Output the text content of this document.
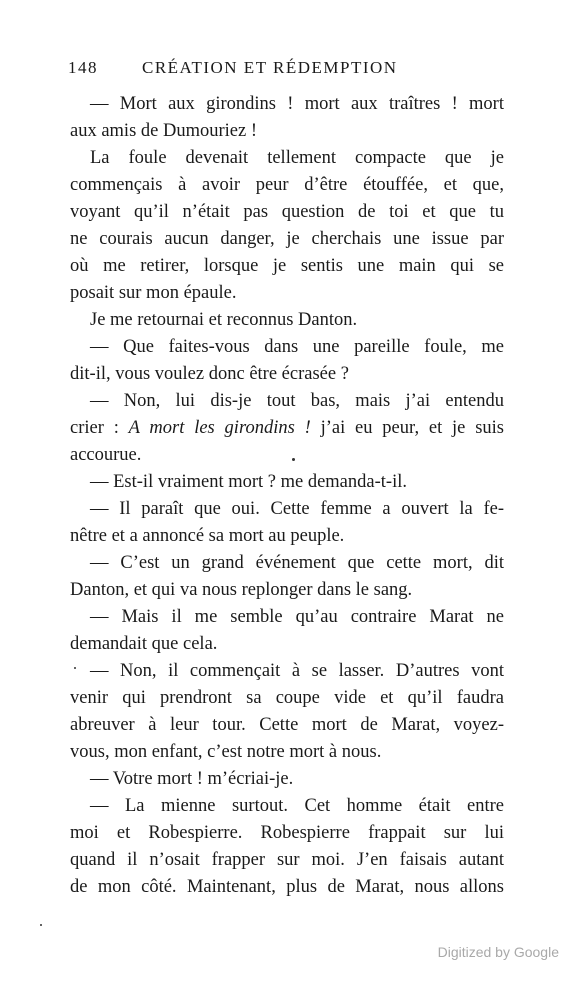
148	CRÉATION ET RÉDEMPTION
— Mort aux girondins ! mort aux traîtres ! mort
aux amis de Dumouriez !
La foule devenait tellement compacte que je
commençais à avoir peur d’être étouffée, et que,
voyant qu’il n’était pas question de toi et que tu
ne courais aucun danger, je cherchais une issue par
où me retirer, lorsque je sentis une main qui se
posait sur mon épaule.
Je me retournai et reconnus Danton.
— Que faites-vous dans une pareille foule, me
dit-il, vous voulez donc être écrasée ?
— Non, lui dis-je tout bas, mais j’ai entendu
crier : A mort les girondins ! j’ai eu peur, et je suis
accourue.
— Est-il vraiment mort ? me demanda-t-il.
— Il paraît que oui. Cette femme a ouvert la fe-
nêtre et a annoncé sa mort au peuple.
— C’est un grand événement que cette mort, dit
Danton, et qui va nous replonger dans le sang.
— Mais il me semble qu’au contraire Marat ne
demandait que cela.
— Non, il commençait à se lasser. D’autres vont
venir qui prendront sa coupe vide et qu’il faudra
abreuver à leur tour. Cette mort de Marat, voyez-
vous, mon enfant, c’est notre mort à nous.
— Votre mort ! m’écriai-je.
— La mienne surtout. Cet homme était entre
moi et Robespierre. Robespierre frappait sur lui
quand il n’osait frapper sur moi. J’en faisais autant
de mon côté. Maintenant, plus de Marat, nous allons
Digitized by Google
